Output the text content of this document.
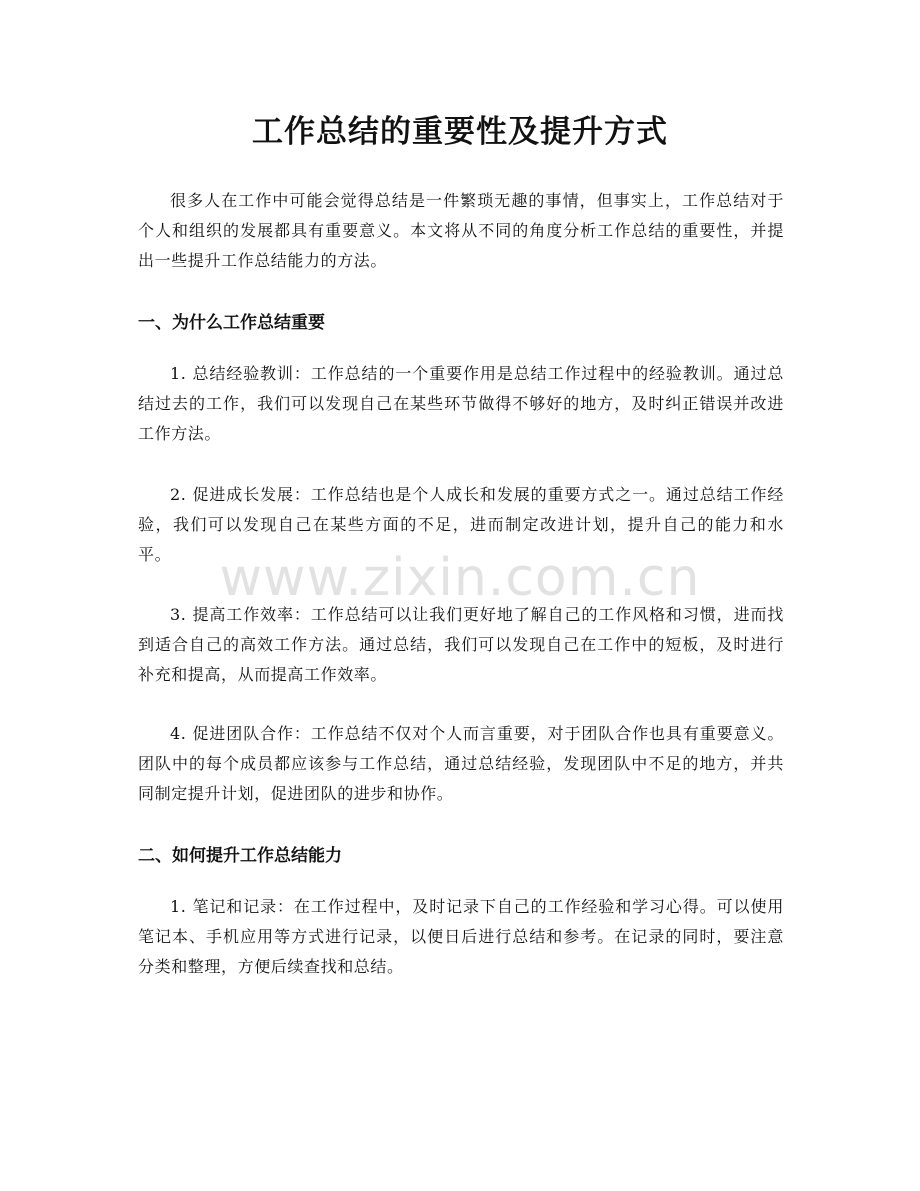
工作总结的重要性及提升方式

很多人在工作中可能会觉得总结是一件繁琐无趣的事情，但事实上，工作总结对于个人和组织的发展都具有重要意义。本文将从不同的角度分析工作总结的重要性，并提出一些提升工作总结能力的方法。

一、为什么工作总结重要

1. 总结经验教训：工作总结的一个重要作用是总结工作过程中的经验教训。通过总结过去的工作，我们可以发现自己在某些环节做得不够好的地方，及时纠正错误并改进工作方法。

2. 促进成长发展：工作总结也是个人成长和发展的重要方式之一。通过总结工作经验，我们可以发现自己在某些方面的不足，进而制定改进计划，提升自己的能力和水平。

3. 提高工作效率：工作总结可以让我们更好地了解自己的工作风格和习惯，进而找到适合自己的高效工作方法。通过总结，我们可以发现自己在工作中的短板，及时进行补充和提高，从而提高工作效率。

4. 促进团队合作：工作总结不仅对个人而言重要，对于团队合作也具有重要意义。团队中的每个成员都应该参与工作总结，通过总结经验，发现团队中不足的地方，并共同制定提升计划，促进团队的进步和协作。

二、如何提升工作总结能力

1. 笔记和记录：在工作过程中，及时记录下自己的工作经验和学习心得。可以使用笔记本、手机应用等方式进行记录，以便日后进行总结和参考。在记录的同时，要注意分类和整理，方便后续查找和总结。

www.zixin.com.cn
